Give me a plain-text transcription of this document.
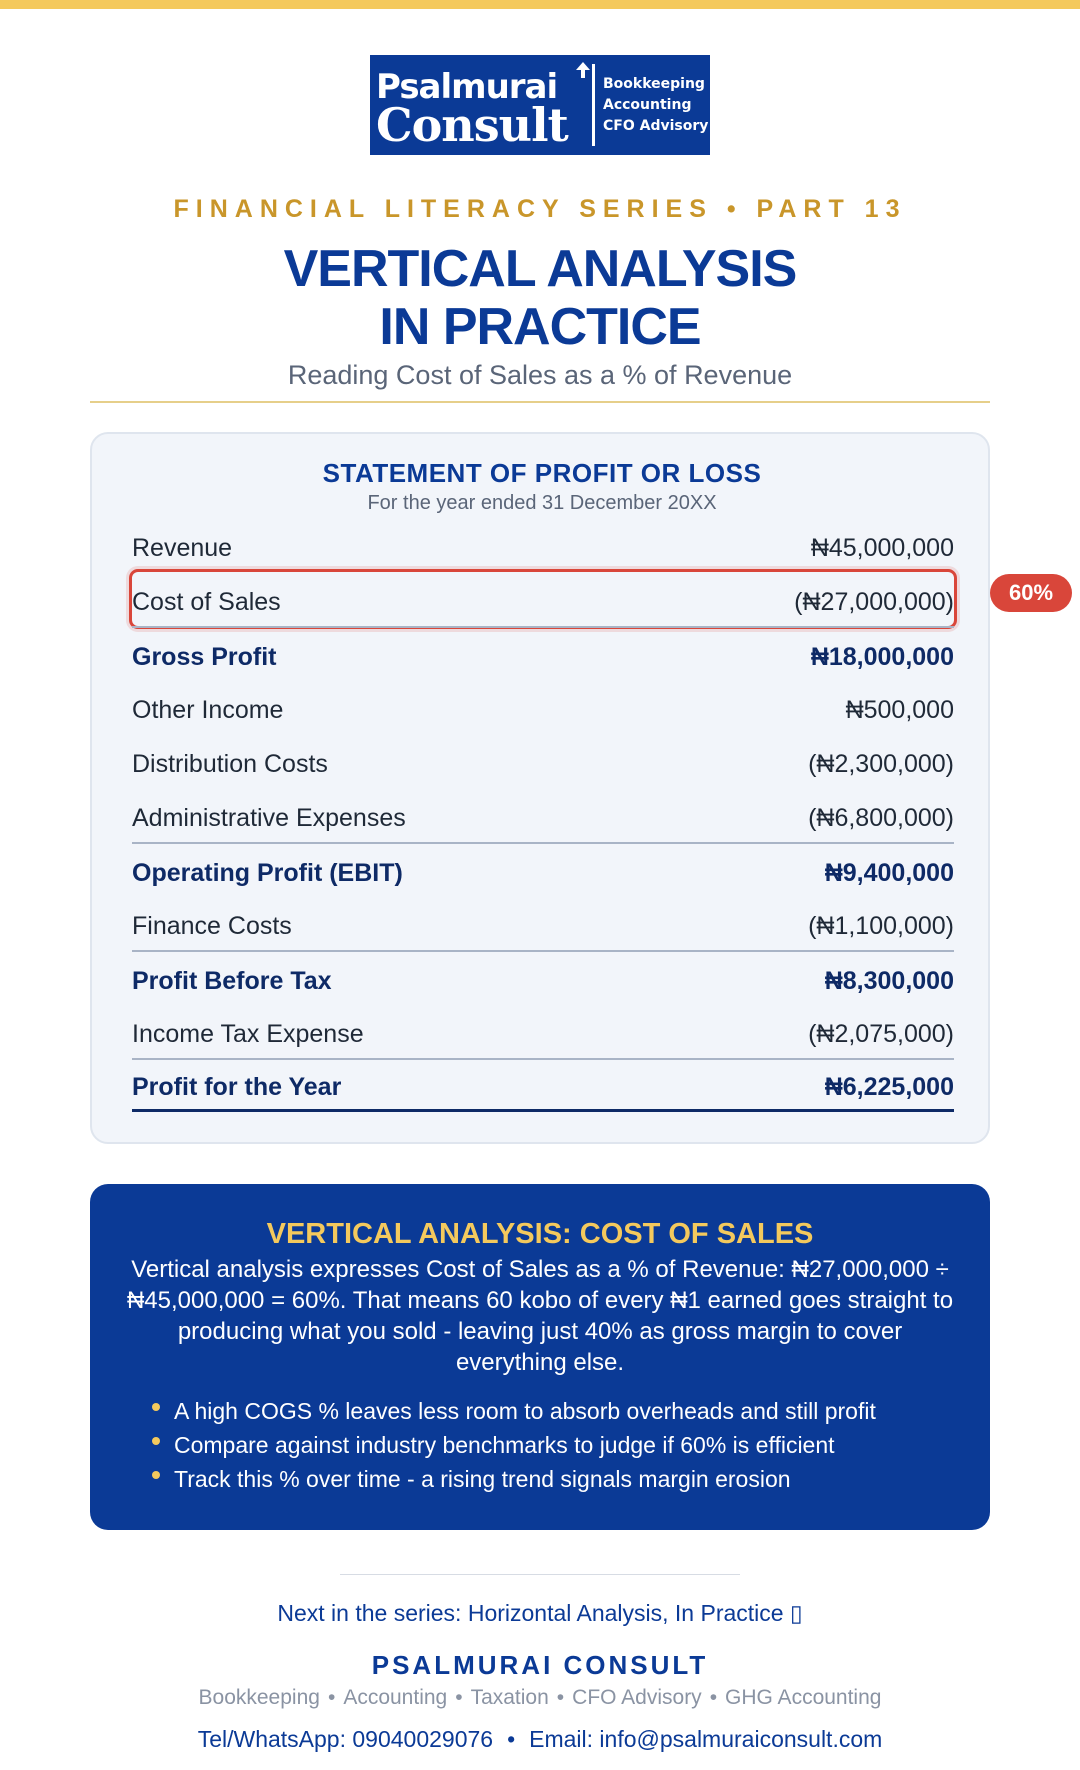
Psalmurai
Consult
Bookkeeping
Accounting
CFO Advisory
FINANCIAL LITERACY SERIES • PART 13
VERTICAL ANALYSIS
IN PRACTICE
Reading Cost of Sales as a % of Revenue
STATEMENT OF PROFIT OR LOSS
For the year ended 31 December 20XX
Revenue	₦45,000,000
Cost of Sales	(₦27,000,000)
Gross Profit	₦18,000,000
Other Income	₦500,000
Distribution Costs	(₦2,300,000)
Administrative Expenses	(₦6,800,000)
Operating Profit (EBIT)	₦9,400,000
Finance Costs	(₦1,100,000)
Profit Before Tax	₦8,300,000
Income Tax Expense	(₦2,075,000)
Profit for the Year	₦6,225,000
60%
VERTICAL ANALYSIS: COST OF SALES
Vertical analysis expresses Cost of Sales as a % of Revenue: ₦27,000,000 ÷ ₦45,000,000 = 60%. That means 60 kobo of every ₦1 earned goes straight to producing what you sold - leaving just 40% as gross margin to cover everything else.
A high COGS % leaves less room to absorb overheads and still profit
Compare against industry benchmarks to judge if 60% is efficient
Track this % over time - a rising trend signals margin erosion
Next in the series: Horizontal Analysis, In Practice ▯
PSALMURAI CONSULT
Bookkeeping • Accounting • Taxation • CFO Advisory • GHG Accounting
Tel/WhatsApp: 09040029076 • Email: info@psalmuraiconsult.com
